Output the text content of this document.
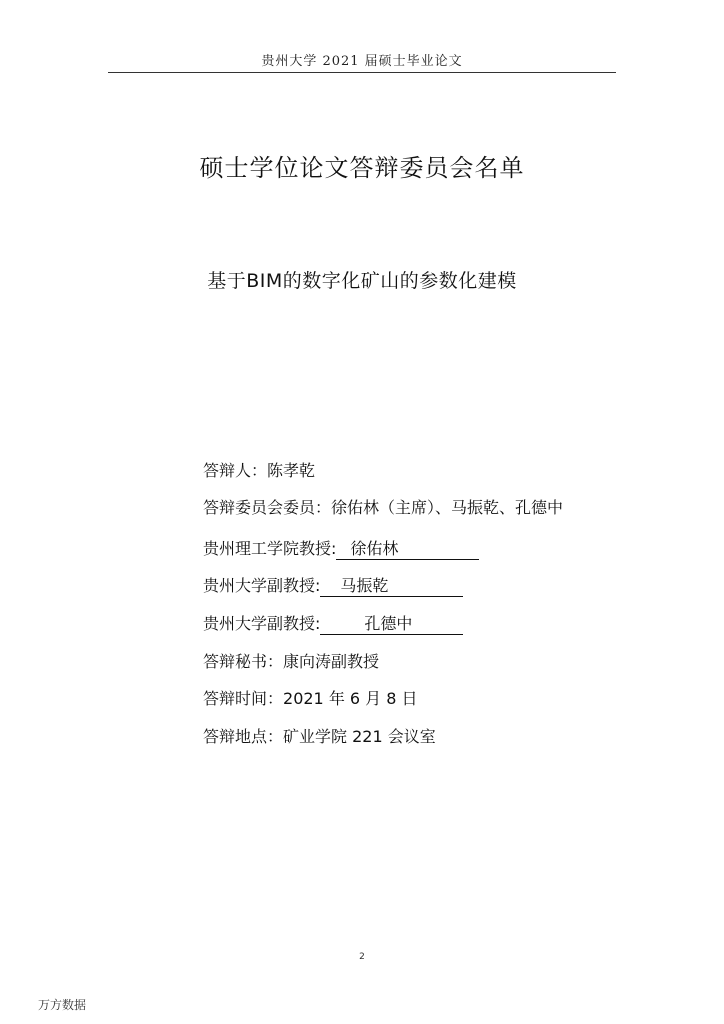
贵州大学 2021 届硕士毕业论文
硕士学位论文答辩委员会名单
基于BIM的数字化矿山的参数化建模
答辩人：陈孝乾
答辩委员会委员：徐佑林（主席）、马振乾、孔德中
贵州理工学院教授: 徐佑林
贵州大学副教授: 马振乾
贵州大学副教授:	孔德中
答辩秘书：康向涛副教授
答辩时间：2021 年 6 月 8 日
答辩地点：矿业学院 221 会议室
2
万方数据
